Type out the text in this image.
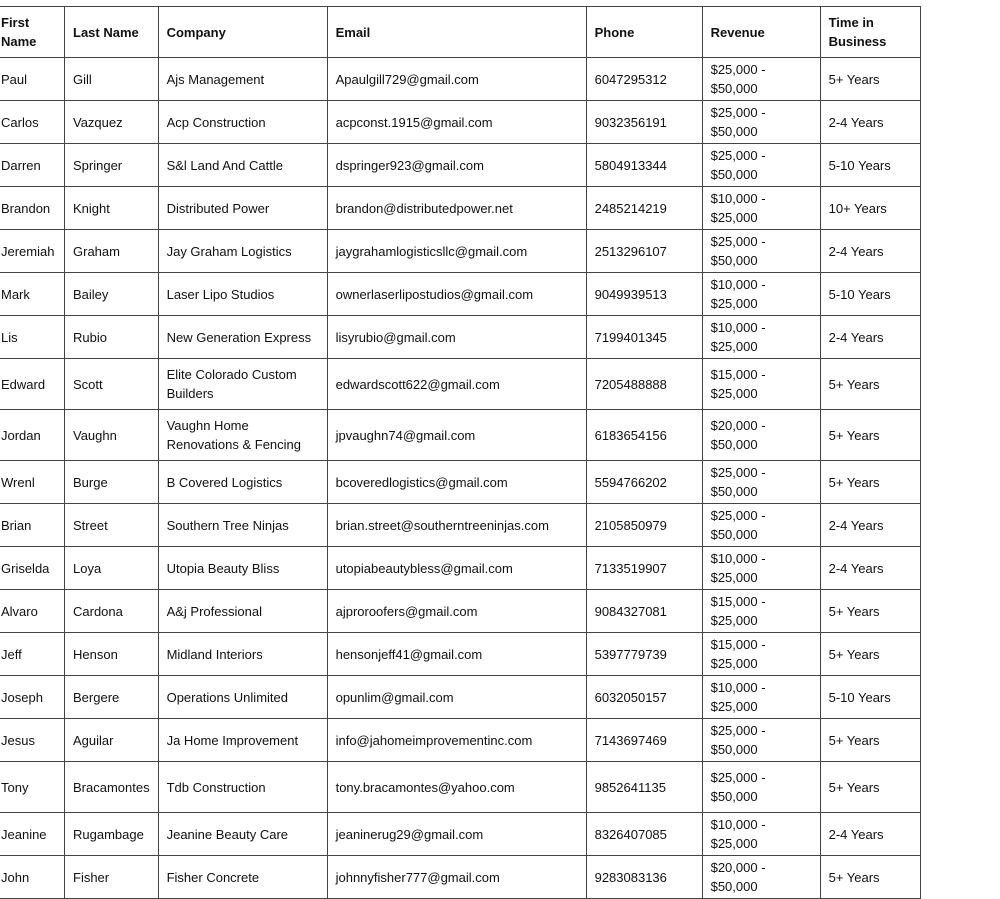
First Name	Last Name	Company	Email	Phone	Revenue	Time in Business
Paul	Gill	Ajs Management	Apaulgill729@gmail.com	6047295312	$25,000 - $50,000	5+ Years
Carlos	Vazquez	Acp Construction	acpconst.1915@gmail.com	9032356191	$25,000 - $50,000	2-4 Years
Darren	Springer	S&l Land And Cattle	dspringer923@gmail.com	5804913344	$25,000 - $50,000	5-10 Years
Brandon	Knight	Distributed Power	brandon@distributedpower.net	2485214219	$10,000 - $25,000	10+ Years
Jeremiah	Graham	Jay Graham Logistics	jaygrahamlogisticsllc@gmail.com	2513296107	$25,000 - $50,000	2-4 Years
Mark	Bailey	Laser Lipo Studios	ownerlaserlipostudios@gmail.com	9049939513	$10,000 - $25,000	5-10 Years
Lis	Rubio	New Generation Express	lisyrubio@gmail.com	7199401345	$10,000 - $25,000	2-4 Years
Edward	Scott	Elite Colorado Custom Builders	edwardscott622@gmail.com	7205488888	$15,000 - $25,000	5+ Years
Jordan	Vaughn	Vaughn Home Renovations & Fencing	jpvaughn74@gmail.com	6183654156	$20,000 - $50,000	5+ Years
Wrenl	Burge	B Covered Logistics	bcoveredlogistics@gmail.com	5594766202	$25,000 - $50,000	5+ Years
Brian	Street	Southern Tree Ninjas	brian.street@southerntreeninjas.com	2105850979	$25,000 - $50,000	2-4 Years
Griselda	Loya	Utopia Beauty Bliss	utopiabeautybless@gmail.com	7133519907	$10,000 - $25,000	2-4 Years
Alvaro	Cardona	A&j Professional	ajproroofers@gmail.com	9084327081	$15,000 - $25,000	5+ Years
Jeff	Henson	Midland Interiors	hensonjeff41@gmail.com	5397779739	$15,000 - $25,000	5+ Years
Joseph	Bergere	Operations Unlimited	opunlim@gmail.com	6032050157	$10,000 - $25,000	5-10 Years
Jesus	Aguilar	Ja Home Improvement	info@jahomeimprovementinc.com	7143697469	$25,000 - $50,000	5+ Years
Tony	Bracamontes	Tdb Construction	tony.bracamontes@yahoo.com	9852641135	$25,000 - $50,000	5+ Years
Jeanine	Rugambage	Jeanine Beauty Care	jeaninerug29@gmail.com	8326407085	$10,000 - $25,000	2-4 Years
John	Fisher	Fisher Concrete	johnnyfisher777@gmail.com	9283083136	$20,000 - $50,000	5+ Years
